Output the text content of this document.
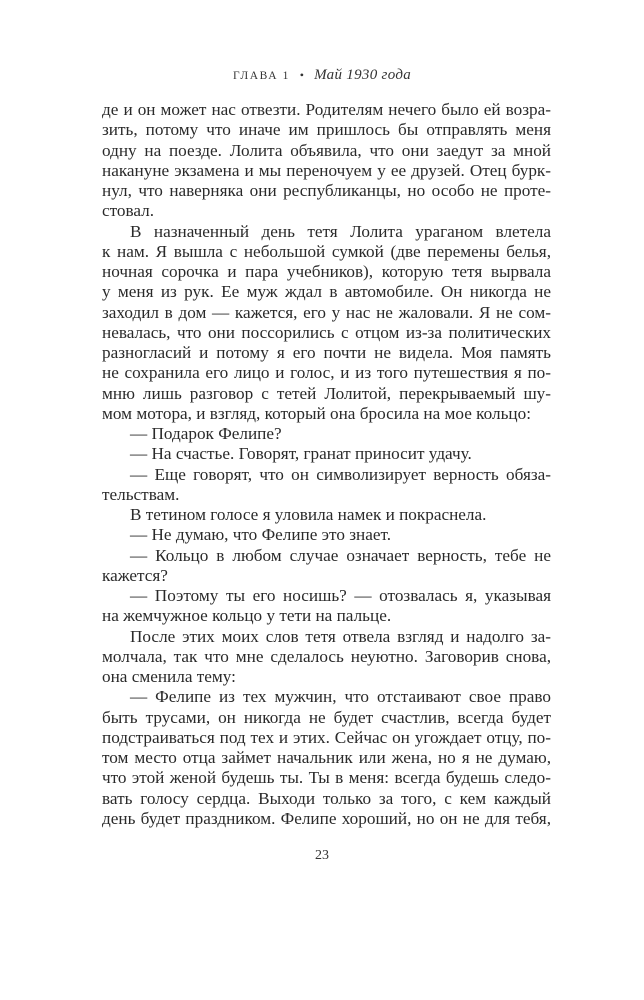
ГЛАВА 1 • Май 1930 года
де и он может нас отвезти. Родителям нечего было ей возра-
зить, потому что иначе им пришлось бы отправлять меня
одну на поезде. Лолита объявила, что они заедут за мной
накануне экзамена и мы переночуем у ее друзей. Отец бурк-
нул, что наверняка они республиканцы, но особо не проте-
стовал.
В назначенный день тетя Лолита ураганом влетела
к нам. Я вышла с небольшой сумкой (две перемены белья,
ночная сорочка и пара учебников), которую тетя вырвала
у меня из рук. Ее муж ждал в автомобиле. Он никогда не
заходил в дом — кажется, его у нас не жаловали. Я не сом-
невалась, что они поссорились с отцом из-за политических
разногласий и потому я его почти не видела. Моя память
не сохранила его лицо и голос, и из того путешествия я по-
мню лишь разговор с тетей Лолитой, перекрываемый шу-
мом мотора, и взгляд, который она бросила на мое кольцо:
— Подарок Фелипе?
— На счастье. Говорят, гранат приносит удачу.
— Еще говорят, что он символизирует верность обяза-
тельствам.
В тетином голосе я уловила намек и покраснела.
— Не думаю, что Фелипе это знает.
— Кольцо в любом случае означает верность, тебе не
кажется?
— Поэтому ты его носишь? — отозвалась я, указывая
на жемчужное кольцо у тети на пальце.
После этих моих слов тетя отвела взгляд и надолго за-
молчала, так что мне сделалось неуютно. Заговорив снова,
она сменила тему:
— Фелипе из тех мужчин, что отстаивают свое право
быть трусами, он никогда не будет счастлив, всегда будет
подстраиваться под тех и этих. Сейчас он угождает отцу, по-
том место отца займет начальник или жена, но я не думаю,
что этой женой будешь ты. Ты в меня: всегда будешь следо-
вать голосу сердца. Выходи только за того, с кем каждый
день будет праздником. Фелипе хороший, но он не для тебя,
23
